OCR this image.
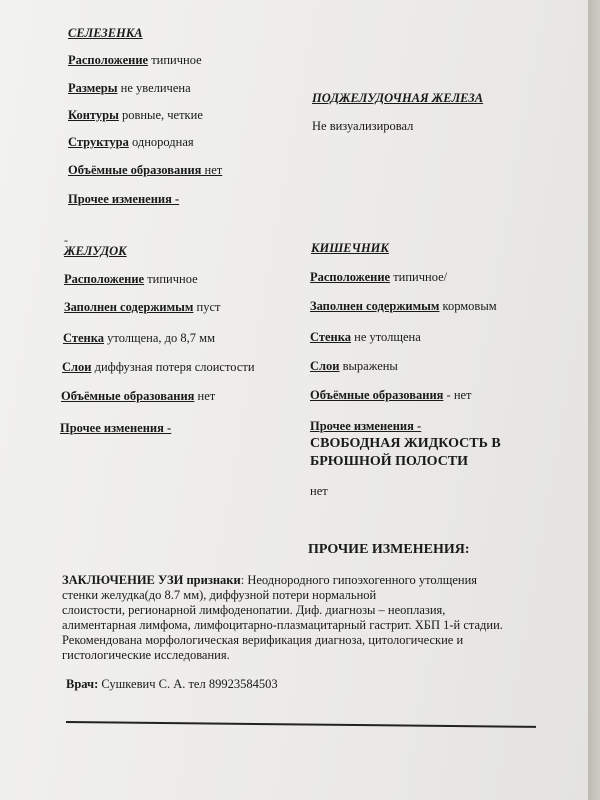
СЕЛЕЗЕНКА
Расположение типичное
Размеры не увеличена
Контуры ровные, четкие
Структура однородная
Объёмные образования нет
Прочее изменения -
ПОДЖЕЛУДОЧНАЯ ЖЕЛЕЗА
Не визуализировал
-
ЖЕЛУДОК
Расположение типичное
Заполнен содержимым пуст
Стенка утолщена, до 8,7 мм
Слои диффузная потеря слоистости
Объёмные образования нет
Прочее изменения -
КИШЕЧНИК
Расположение типичное/
Заполнен содержимым кормовым
Стенка не утолщена
Слои выражены
Объёмные образования - нет
Прочее изменения -
СВОБОДНАЯ ЖИДКОСТЬ В
БРЮШНОЙ ПОЛОСТИ
нет
ПРОЧИЕ ИЗМЕНЕНИЯ:
ЗАКЛЮЧЕНИЕ УЗИ признаки: Неоднородного гипоэхогенного утолщения
стенки желудка(до 8.7 мм), диффузной потери нормальной
слоистости, регионарной лимфоденопатии. Диф. диагнозы – неоплазия,
алиментарная лимфома, лимфоцитарно-плазмацитарный гастрит. ХБП 1-й стадии.
Рекомендована морфологическая верификация диагноза, цитологические и
гистологические исследования.
Врач: Сушкевич С. А. тел 89923584503
